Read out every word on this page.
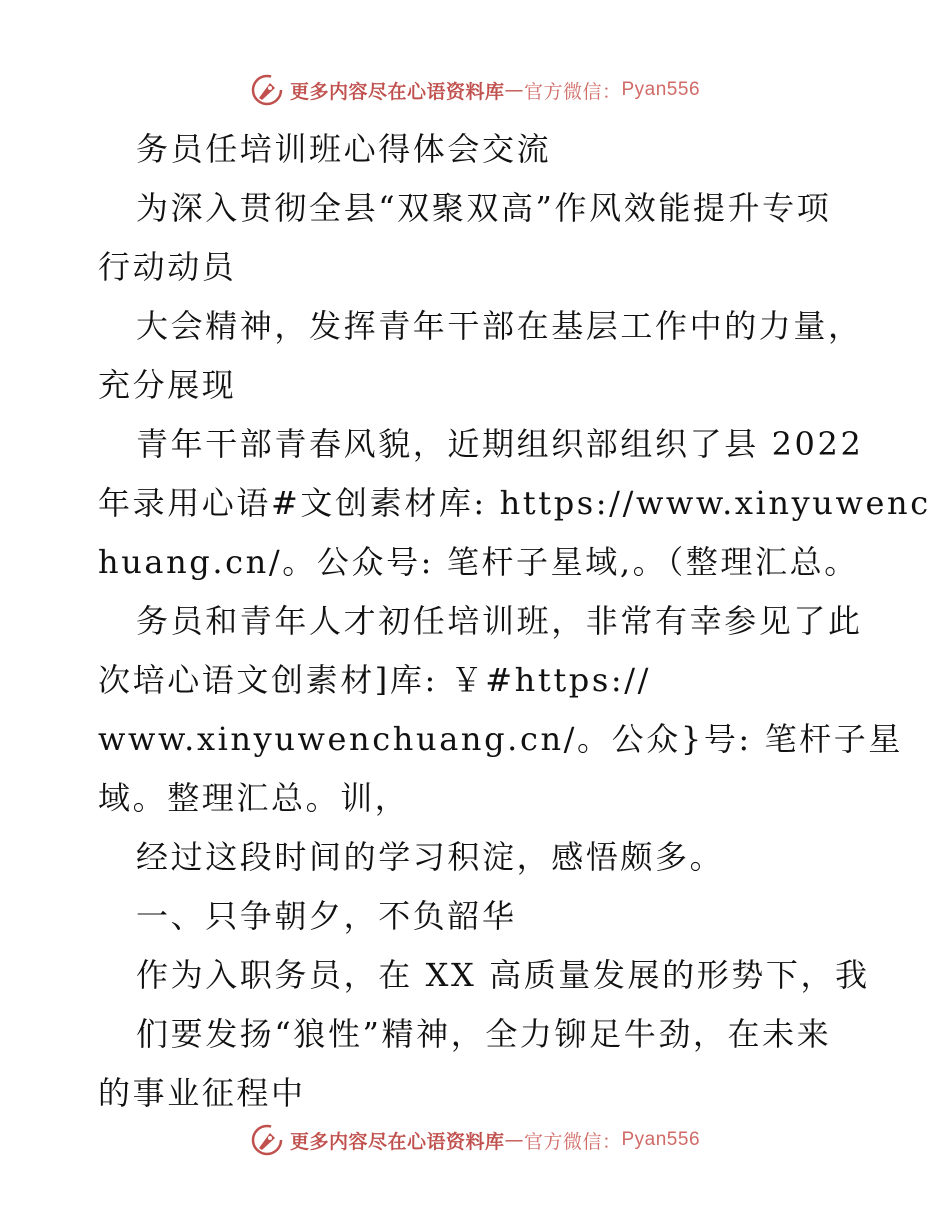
更多内容尽在心语资料库 — 官方微信： Pyan556
务员任培训班心得体会交流
为深入贯彻全县“双聚双高”作风效能提升专项
行动动员
大会精神，发挥青年干部在基层工作中的力量，
充分展现
青年干部青春风貌，近期组织部组织了县 2022
年录用心语#文创素材库: https://www.xinyuwenc
huang.cn/。公众号: 笔杆子星域,。（整理汇总。
务员和青年人才初任培训班，非常有幸参见了此
次培心语文创素材]库: ￥#https://
www.xinyuwenchuang.cn/。公众}号: 笔杆子星
域。整理汇总。训，
经过这段时间的学习积淀，感悟颇多。
一、只争朝夕，不负韶华
作为入职务员，在 XX 高质量发展的形势下，我
们要发扬“狼性”精神，全力铆足牛劲，在未来
的事业征程中
更多内容尽在心语资料库 — 官方微信： Pyan556
